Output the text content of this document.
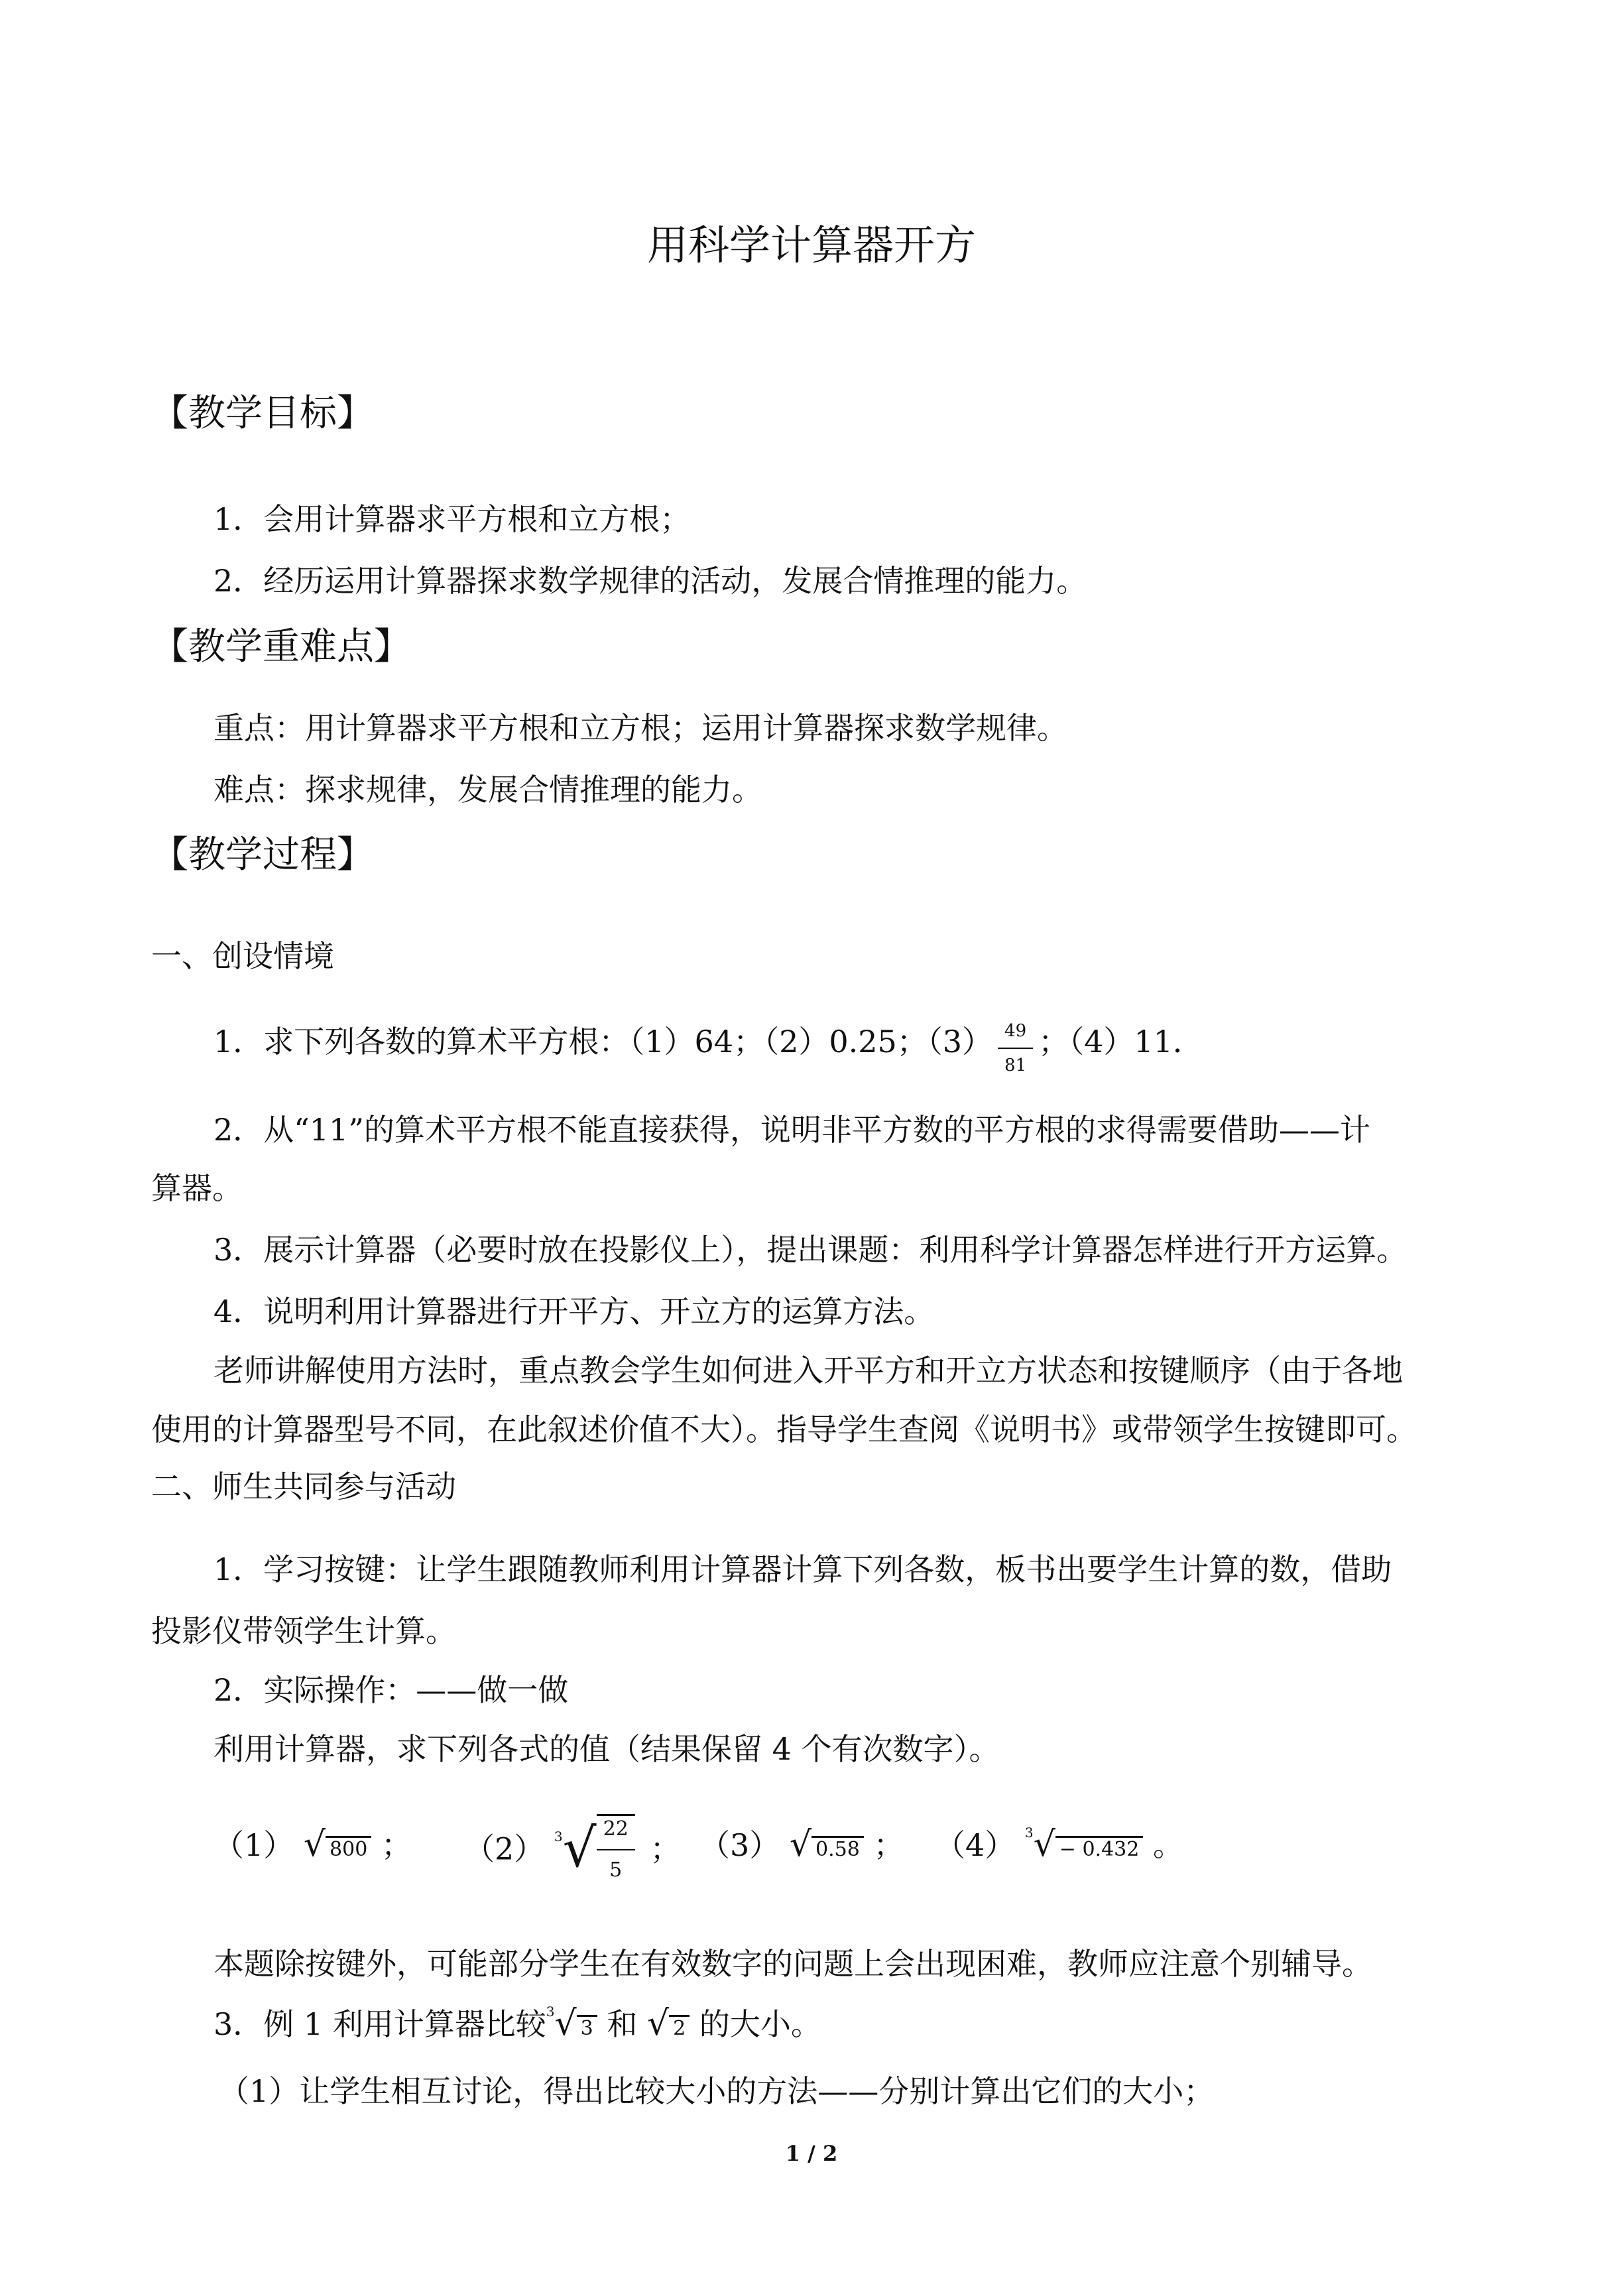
用科学计算器开方
【教学目标】
1．会用计算器求平方根和立方根；
2．经历运用计算器探求数学规律的活动，发展合情推理的能力。
【教学重难点】
重点：用计算器求平方根和立方根；运用计算器探求数学规律。
难点：探求规律，发展合情推理的能力。
【教学过程】
一、创设情境
1．求下列各数的算术平方根：（1）64；（2）0.25；$(3) \frac{49}{81}$ ；（4）11．
2．从“11”的算术平方根不能直接获得，说明非平方数的平方根的求得需要借助——计
算器。
3．展示计算器（必要时放在投影仪上），提出课题：利用科学计算器怎样进行开方运算。
4．说明利用计算器进行开平方、开立方的运算方法。
老师讲解使用方法时，重点教会学生如何进入开平方和开立方状态和按键顺序（由于各地
使用的计算器型号不同，在此叙述价值不大）。指导学生查阅《说明书》或带领学生按键即可。
二、师生共同参与活动
1．学习按键：让学生跟随教师利用计算器计算下列各数，板书出要学生计算的数，借助
投影仪带领学生计算。
2．实际操作：——做一做
利用计算器，求下列各式的值（结果保留 4 个有次数字）。
（1） √ 800 ； （2） $^3√ \frac{22}{5}$ ； （3） √ 0.58 ； （4） $^3$√ − 0.432 。
本题除按键外，可能部分学生在有效数字的问题上会出现困难，教师应注意个别辅导。
3．例 1 利用计算器比较$^3$√ 3 和 √ 2 的大小。
（1）让学生相互讨论，得出比较大小的方法——分别计算出它们的大小；
1 / 2
